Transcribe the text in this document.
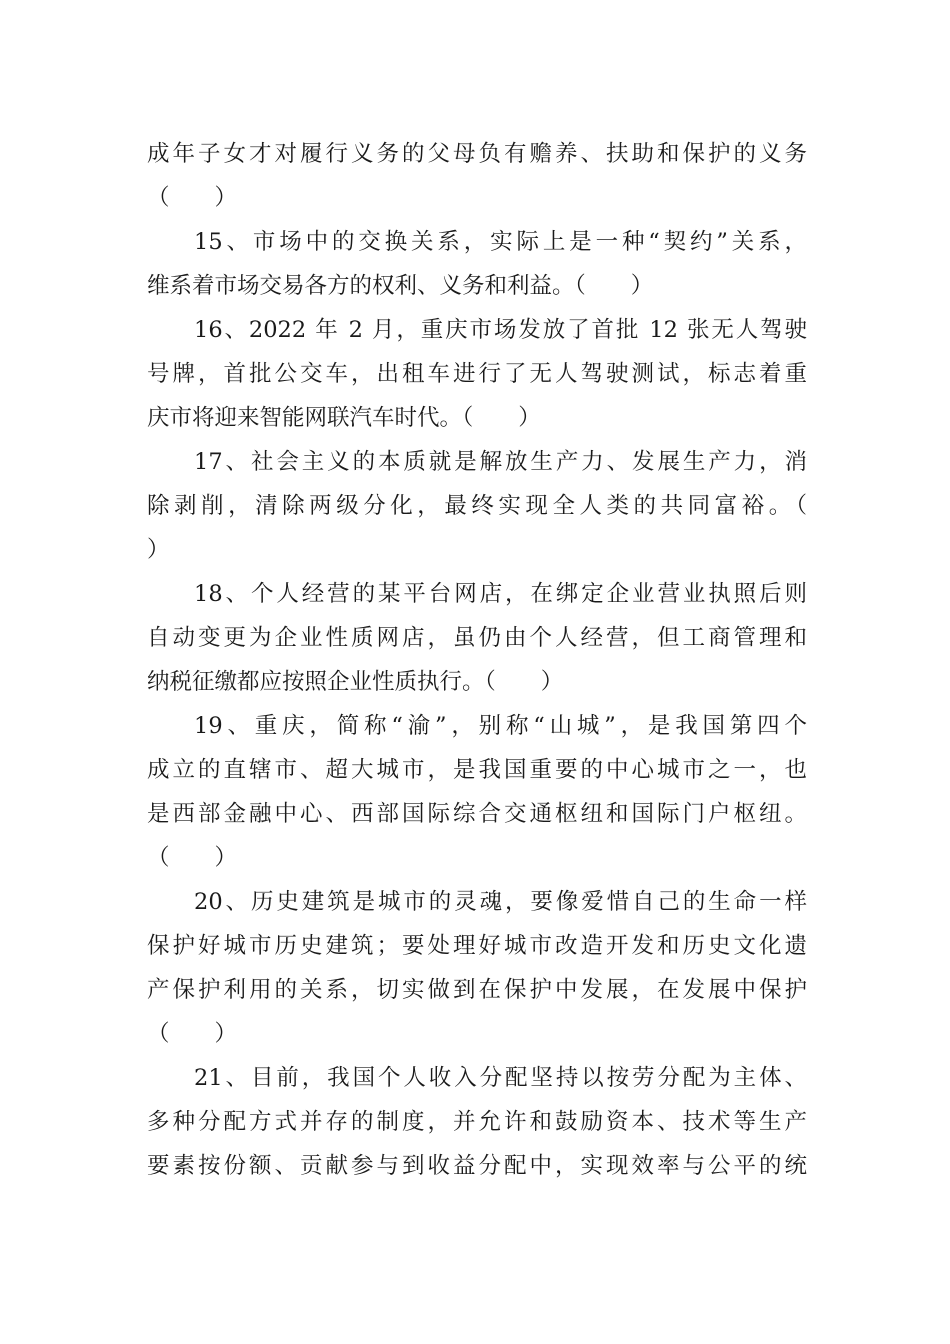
成年子女才对履行义务的父母负有赡养、扶助和保护的义务
（　　）
15、市场中的交换关系，实际上是一种“契约”关系，
维系着市场交易各方的权利、义务和利益。（　　）
16、2022 年 2 月，重庆市场发放了首批 12 张无人驾驶
号牌，首批公交车，出租车进行了无人驾驶测试，标志着重
庆市将迎来智能网联汽车时代。（　　）
17、社会主义的本质就是解放生产力、发展生产力，消
除剥削，清除两级分化，最终实现全人类的共同富裕。（
）
18、个人经营的某平台网店，在绑定企业营业执照后则
自动变更为企业性质网店，虽仍由个人经营，但工商管理和
纳税征缴都应按照企业性质执行。（　　）
19、重庆，简称“渝”，别称“山城”，是我国第四个
成立的直辖市、超大城市，是我国重要的中心城市之一，也
是西部金融中心、西部国际综合交通枢纽和国际门户枢纽。
（　　）
20、历史建筑是城市的灵魂，要像爱惜自己的生命一样
保护好城市历史建筑；要处理好城市改造开发和历史文化遗
产保护利用的关系，切实做到在保护中发展，在发展中保护
（　　）
21、目前，我国个人收入分配坚持以按劳分配为主体、
多种分配方式并存的制度，并允许和鼓励资本、技术等生产
要素按份额、贡献参与到收益分配中，实现效率与公平的统
